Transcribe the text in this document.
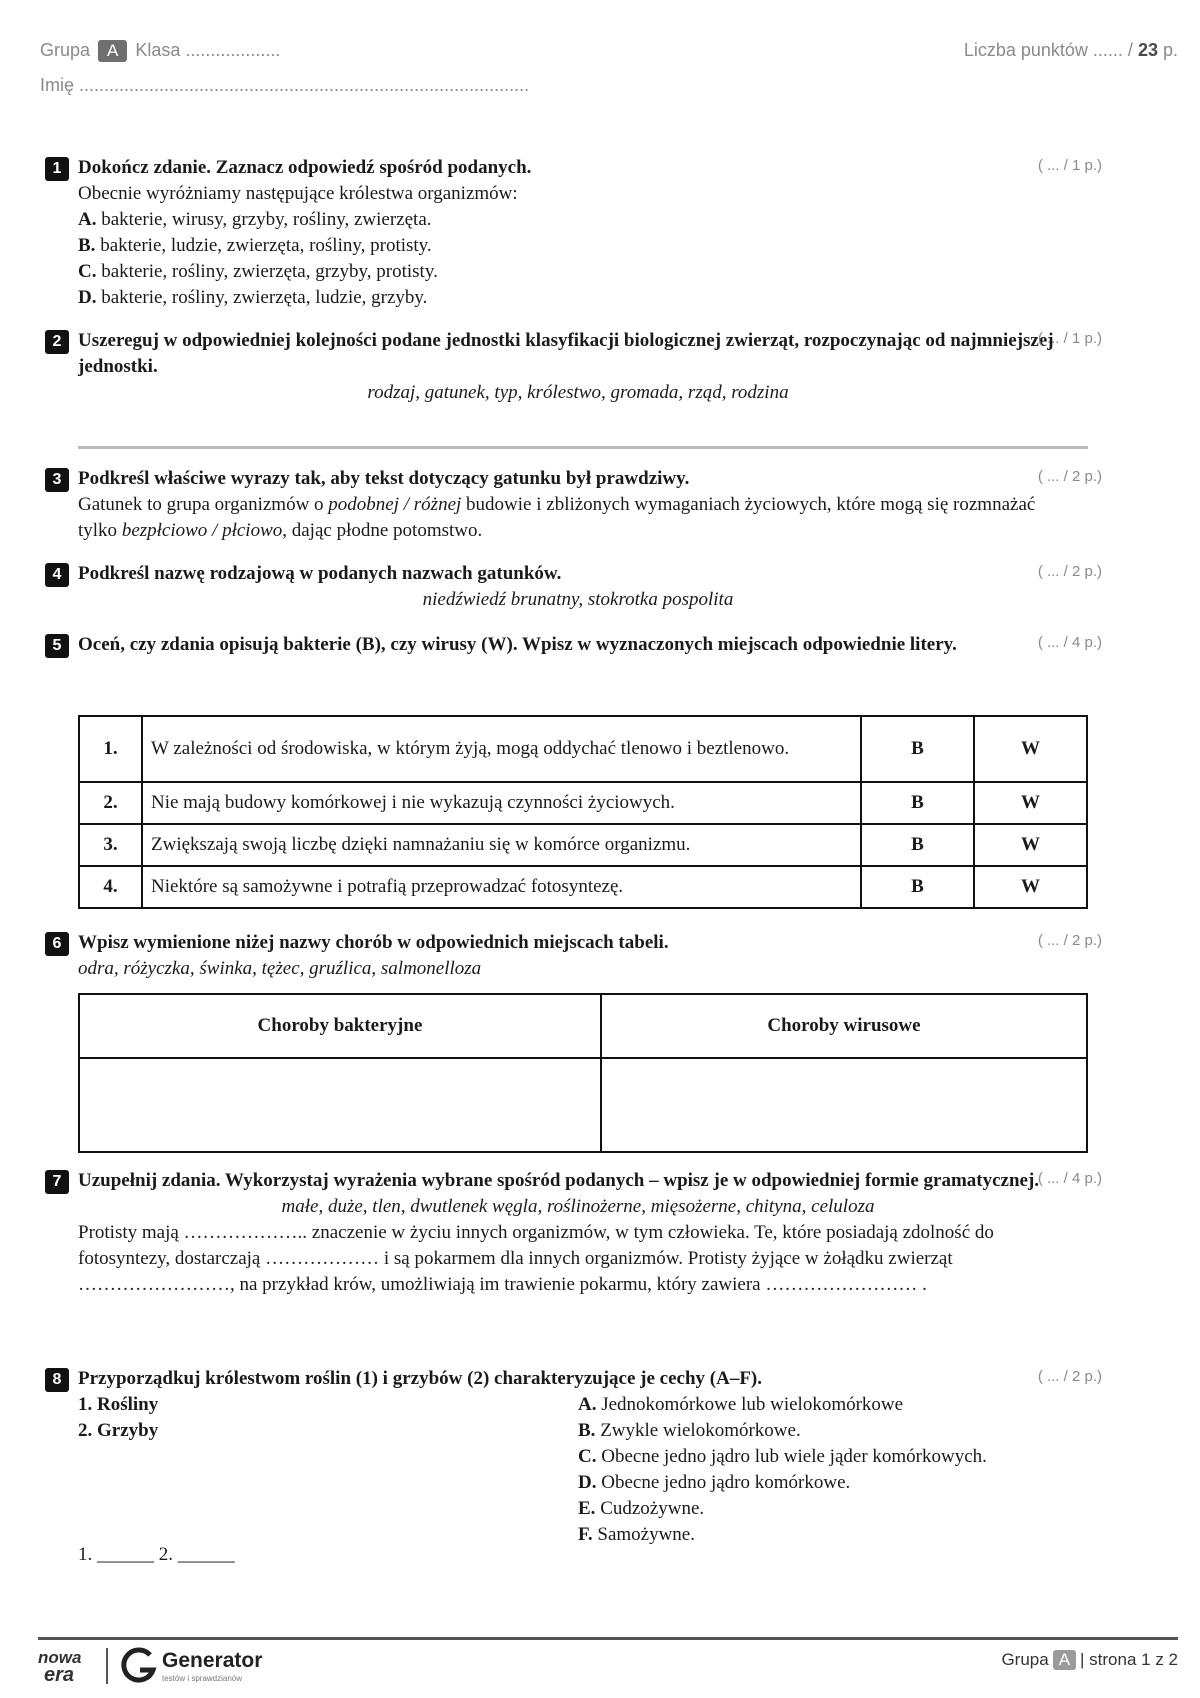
Grupa A Klasa ...................
Imię ..........................................................................................
Liczba punktów ...... / 23 p.
1	( ... / 1 p.)
Dokończ zdanie. Zaznacz odpowiedź spośród podanych.
Obecnie wyróżniamy następujące królestwa organizmów:
A. bakterie, wirusy, grzyby, rośliny, zwierzęta.
B. bakterie, ludzie, zwierzęta, rośliny, protisty.
C. bakterie, rośliny, zwierzęta, grzyby, protisty.
D. bakterie, rośliny, zwierzęta, ludzie, grzyby.
2	( ... / 1 p.)
Uszereguj w odpowiedniej kolejności podane jednostki klasyfikacji biologicznej zwierząt, rozpoczynając od najmniejszej jednostki.
rodzaj, gatunek, typ, królestwo, gromada, rząd, rodzina
3	( ... / 2 p.)
Podkreśl właściwe wyrazy tak, aby tekst dotyczący gatunku był prawdziwy.
Gatunek to grupa organizmów o podobnej / różnej budowie i zbliżonych wymaganiach życiowych, które mogą się rozmnażać tylko bezpłciowo / płciowo, dając płodne potomstwo.
4	( ... / 2 p.)
Podkreśl nazwę rodzajową w podanych nazwach gatunków.
niedźwiedź brunatny, stokrotka pospolita
5	( ... / 4 p.)
Oceń, czy zdania opisują bakterie (B), czy wirusy (W). Wpisz w wyznaczonych miejscach odpowiednie litery.
1.	W zależności od środowiska, w którym żyją, mogą oddychać tlenowo i beztlenowo.	B	W
2.	Nie mają budowy komórkowej i nie wykazują czynności życiowych.	B	W
3.	Zwiększają swoją liczbę dzięki namnażaniu się w komórce organizmu.	B	W
4.	Niektóre są samożywne i potrafią przeprowadzać fotosyntezę.	B	W
6	( ... / 2 p.)
Wpisz wymienione niżej nazwy chorób w odpowiednich miejscach tabeli.
odra, różyczka, świnka, tężec, gruźlica, salmonelloza
Choroby bakteryjne	Choroby wirusowe

7	( ... / 4 p.)
Uzupełnij zdania. Wykorzystaj wyrażenia wybrane spośród podanych – wpisz je w odpowiedniej formie gramatycznej.
małe, duże, tlen, dwutlenek węgla, roślinożerne, mięsożerne, chityna, celuloza
Protisty mają ……………….. znaczenie w życiu innych organizmów, w tym człowieka. Te, które posiadają zdolność do fotosyntezy, dostarczają ……………… i są pokarmem dla innych organizmów. Protisty żyjące w żołądku zwierząt ……………………, na przykład krów, umożliwiają im trawienie pokarmu, który zawiera …………………… .
8	( ... / 2 p.)
Przyporządkuj królestwom roślin (1) i grzybów (2) charakteryzujące je cechy (A–F).
1. Rośliny
2. Grzyby
A. Jednokomórkowe lub wielokomórkowe
B. Zwykle wielokomórkowe.
C. Obecne jedno jądro lub wiele jąder komórkowych.
D. Obecne jedno jądro komórkowe.
E. Cudzożywne.
F. Samożywne.
1. ______ 2. ______
nowa
era
Generator
testów i sprawdzianów
Grupa A | strona 1 z 2
